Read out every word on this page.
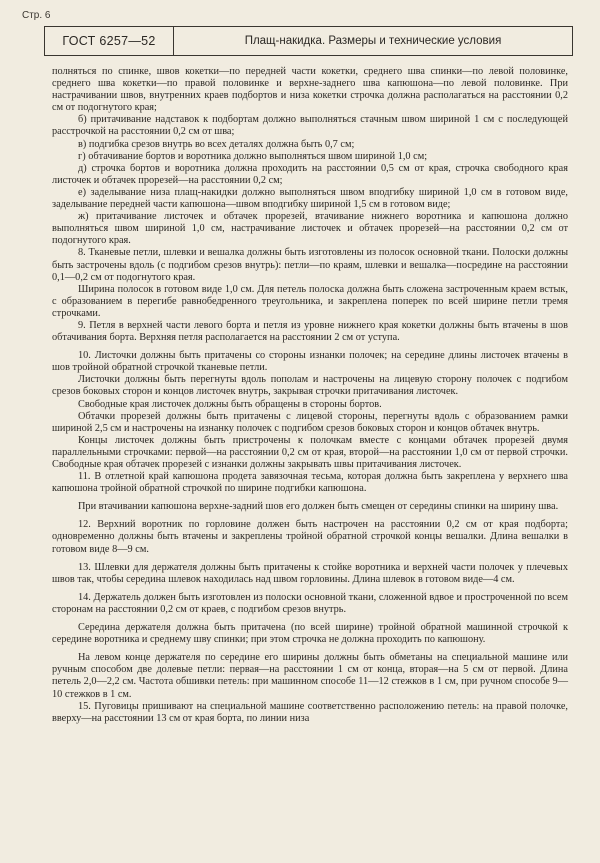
Стр. 6
ГОСТ 6257—52	Плащ-накидка. Размеры и технические условия

полняться по спинке, швов кокетки—по передней части кокетки, среднего шва спинки—по левой половинке, среднего шва кокетки—по правой половинке и верхне-заднего шва капюшона—по левой половинке. При настрачивании швов, внутренних краев подбортов и низа кокетки строчка должна располагаться на расстоянии 0,2 см от подогнутого края;

б) притачивание надставок к подбортам должно выполняться стачным швом шириной 1 см с последующей расстрочкой на расстоянии 0,2 см от шва;

в) подгибка срезов внутрь во всех деталях должна быть 0,7 см;

г) обтачивание бортов и воротника должно выполняться швом шириной 1,0 см;

д) строчка бортов и воротника должна проходить на расстоянии 0,5 см от края, строчка свободного края листочек и обтачек прорезей—на расстоянии 0,2 см;

е) заделывание низа плащ-накидки должно выполняться швом вподгибку шириной 1,0 см в готовом виде, заделывание передней части капюшона—швом вподгибку шириной 1,5 см в готовом виде;

ж) притачивание листочек и обтачек прорезей, втачивание нижнего воротника и капюшона должно выполняться швом шириной 1,0 см, настрачивание листочек и обтачек прорезей—на расстоянии 0,2 см от подогнутого края.

8. Тканевые петли, шлевки и вешалка должны быть изготовлены из полосок основной ткани. Полоски должны быть застрочены вдоль (с подгибом срезов внутрь): петли—по краям, шлевки и вешалка—посредине на расстоянии 0,1—0,2 см от подогнутого края.

Ширина полосок в готовом виде 1,0 см. Для петель полоска должна быть сложена застроченным краем встык, с образованием в перегибе равнобедренного треугольника, и закреплена поперек по всей ширине петли тремя строчками.

9. Петля в верхней части левого борта и петля из уровне нижнего края кокетки должны быть втачены в шов обтачивания борта. Верхняя петля располагается на расстоянии 2 см от уступа.

10. Листочки должны быть притачены со стороны изнанки полочек; на середине длины листочек втачены в шов тройной обратной строчкой тканевые петли.

Листочки должны быть перегнуты вдоль пополам и настрочены на лицевую сторону полочек с подгибом срезов боковых сторон и концов листочек внутрь, закрывая строчки притачивания листочек.

Свободные края листочек должны быть обращены в стороны бортов.

Обтачки прорезей должны быть притачены с лицевой стороны, перегнуты вдоль с образованием рамки шириной 2,5 см и настрочены на изнанку полочек с подгибом срезов боковых сторон и концов обтачек внутрь.

Концы листочек должны быть пристрочены к полочкам вместе с концами обтачек прорезей двумя параллельными строчками: первой—на расстоянии 0,2 см от края, второй—на расстоянии 1,0 см от первой строчки. Свободные края обтачек прорезей с изнанки должны закрывать швы притачивания листочек.

11. В отлетной край капюшона продета завязочная тесьма, которая должна быть закреплена у верхнего шва капюшона тройной обратной строчкой по ширине подгибки капюшона.

При втачивании капюшона верхне-задний шов его должен быть смещен от середины спинки на ширину шва.

12. Верхний воротник по горловине должен быть настрочен на расстоянии 0,2 см от края подборта; одновременно должны быть втачены и закреплены тройной обратной строчкой концы вешалки. Длина вешалки в готовом виде 8—9 см.

13. Шлевки для держателя должны быть притачены к стойке воротника и верхней части полочек у плечевых швов так, чтобы середина шлевок находилась над швом горловины. Длина шлевок в готовом виде—4 см.

14. Держатель должен быть изготовлен из полоски основной ткани, сложенной вдвое и простроченной по всем сторонам на расстоянии 0,2 см от краев, с подгибом срезов внутрь.

Середина держателя должна быть притачена (по всей ширине) тройной обратной машинной строчкой к середине воротника и среднему шву спинки; при этом строчка не должна проходить по капюшону.

На левом конце держателя по середине его ширины должны быть обметаны на специальной машине или ручным способом две долевые петли: первая—на расстоянии 1 см от конца, вторая—на 5 см от первой. Длина петель 2,0—2,2 см. Частота обшивки петель: при машинном способе 11—12 стежков в 1 см, при ручном способе 9—10 стежков в 1 см.

15. Пуговицы пришивают на специальной машине соответственно расположению петель: на правой полочке, вверху—на расстоянии 13 см от края борта, по линии низа
